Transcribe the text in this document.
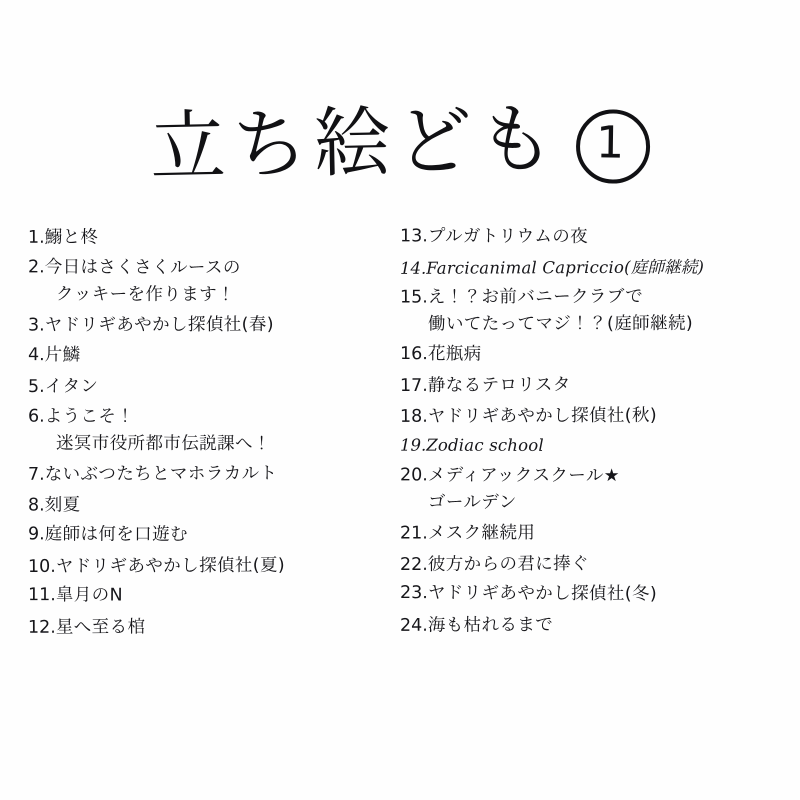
立ち絵ども 1
1.鰯と柊
2.今日はさくさくルースの
クッキーを作ります！
3.ヤドリギあやかし探偵社(春)
4.片鱗
5.イタン
6.ようこそ！
迷冥市役所都市伝説課へ！
7.ないぶつたちとマホラカルト
8.刻夏
9.庭師は何を口遊む
10.ヤドリギあやかし探偵社(夏)
11.皐月のN
12.星へ至る棺
13.プルガトリウムの夜
14.Farcicanimal Capriccio(庭師継続)
15.え！？お前バニークラブで
働いてたってマジ！？(庭師継続)
16.花瓶病
17.静なるテロリスタ
18.ヤドリギあやかし探偵社(秋)
19.Zodiac school
20.メディアックスクール★
ゴールデン
21.メスク継続用
22.彼方からの君に捧ぐ
23.ヤドリギあやかし探偵社(冬)
24.海も枯れるまで
